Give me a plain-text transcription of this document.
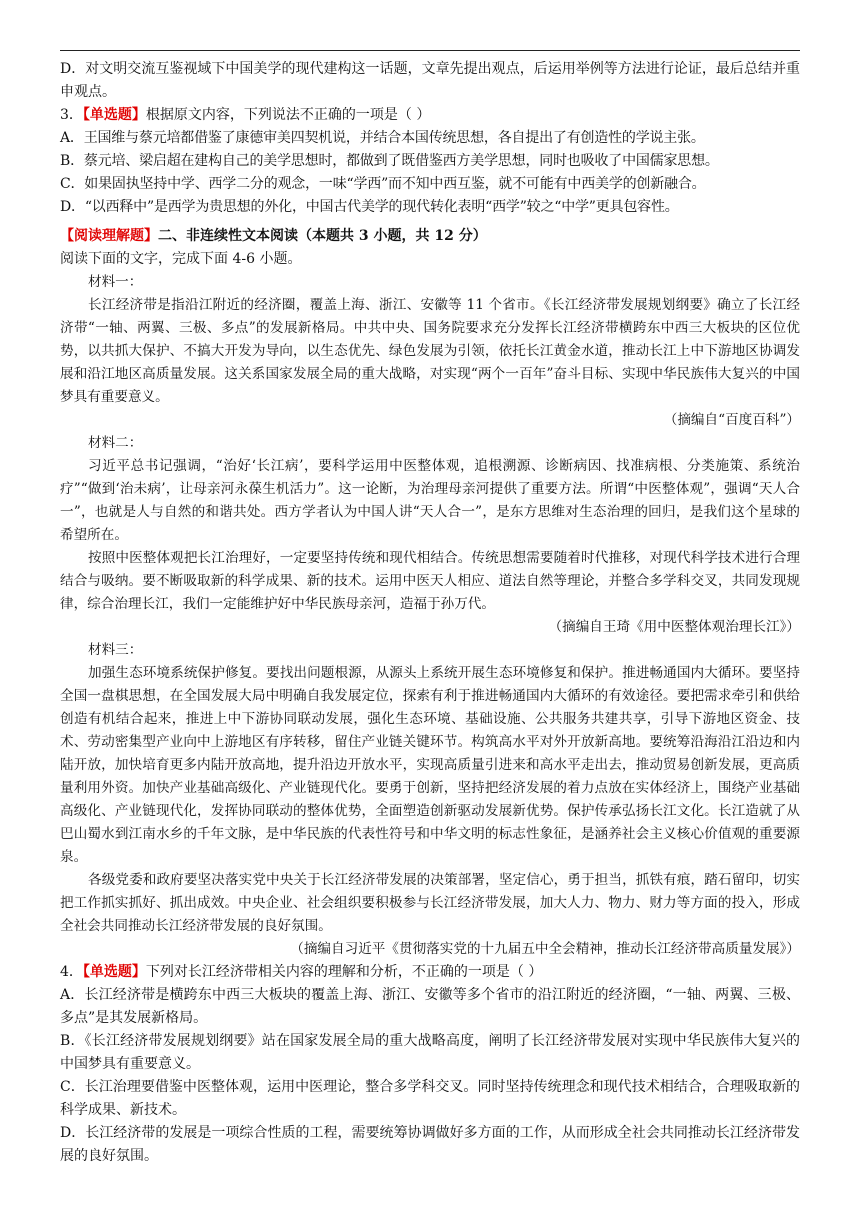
D．对文明交流互鉴视域下中国美学的现代建构这一话题，文章先提出观点，后运用举例等方法进行论证，最后总结并重申观点。

3．【单选题】根据原文内容，下列说法不正确的一项是（ ）

A．王国维与蔡元培都借鉴了康德审美四契机说，并结合本国传统思想，各自提出了有创造性的学说主张。

B．蔡元培、梁启超在建构自己的美学思想时，都做到了既借鉴西方美学思想，同时也吸收了中国儒家思想。

C．如果固执坚持中学、西学二分的观念，一味“学西”而不知中西互鉴，就不可能有中西美学的创新融合。

D．“以西释中”是西学为贵思想的外化，中国古代美学的现代转化表明“西学”较之“中学”更具包容性。

【阅读理解题】二、非连续性文本阅读（本题共 3 小题，共 12 分）

阅读下面的文字，完成下面 4-6 小题。

材料一：

长江经济带是指沿江附近的经济圈，覆盖上海、浙江、安徽等 11 个省市。《长江经济带发展规划纲要》确立了长江经济带“一轴、两翼、三极、多点”的发展新格局。中共中央、国务院要求充分发挥长江经济带横跨东中西三大板块的区位优势，以共抓大保护、不搞大开发为导向，以生态优先、绿色发展为引领，依托长江黄金水道，推动长江上中下游地区协调发展和沿江地区高质量发展。这关系国家发展全局的重大战略，对实现“两个一百年”奋斗目标、实现中华民族伟大复兴的中国梦具有重要意义。

（摘编自“百度百科”）

材料二：

习近平总书记强调，“治好‘长江病’，要科学运用中医整体观，追根溯源、诊断病因、找准病根、分类施策、系统治疗”“做到‘治未病’，让母亲河永葆生机活力”。这一论断，为治理母亲河提供了重要方法。所谓“中医整体观”，强调“天人合一”，也就是人与自然的和谐共处。西方学者认为中国人讲“天人合一”，是东方思维对生态治理的回归，是我们这个星球的希望所在。

按照中医整体观把长江治理好，一定要坚持传统和现代相结合。传统思想需要随着时代推移，对现代科学技术进行合理结合与吸纳。要不断吸取新的科学成果、新的技术。运用中医天人相应、道法自然等理论，并整合多学科交叉，共同发现规律，综合治理长江，我们一定能维护好中华民族母亲河，造福于孙万代。

（摘编自王琦《用中医整体观治理长江》）

材料三：

加强生态环境系统保护修复。要找出问题根源，从源头上系统开展生态环境修复和保护。推进畅通国内大循环。要坚持全国一盘棋思想，在全国发展大局中明确自我发展定位，探索有利于推进畅通国内大循环的有效途径。要把需求牵引和供给创造有机结合起来，推进上中下游协同联动发展，强化生态环境、基础设施、公共服务共建共享，引导下游地区资金、技术、劳动密集型产业向中上游地区有序转移，留住产业链关键环节。构筑高水平对外开放新高地。要统筹沿海沿江沿边和内陆开放，加快培育更多内陆开放高地，提升沿边开放水平，实现高质量引进来和高水平走出去，推动贸易创新发展，更高质量利用外资。加快产业基础高级化、产业链现代化。要勇于创新，坚持把经济发展的着力点放在实体经济上，围绕产业基础高级化、产业链现代化，发挥协同联动的整体优势，全面塑造创新驱动发展新优势。保护传承弘扬长江文化。长江造就了从巴山蜀水到江南水乡的千年文脉，是中华民族的代表性符号和中华文明的标志性象征，是涵养社会主义核心价值观的重要源泉。

各级党委和政府要坚决落实党中央关于长江经济带发展的决策部署，坚定信心，勇于担当，抓铁有痕，踏石留印，切实把工作抓实抓好、抓出成效。中央企业、社会组织要积极参与长江经济带发展，加大人力、物力、财力等方面的投入，形成全社会共同推动长江经济带发展的良好氛围。

（摘编自习近平《贯彻落实党的十九届五中全会精神，推动长江经济带高质量发展》）

4．【单选题】下列对长江经济带相关内容的理解和分析，不正确的一项是（ ）

A．长江经济带是横跨东中西三大板块的覆盖上海、浙江、安徽等多个省市的沿江附近的经济圈，“一轴、两翼、三极、多点”是其发展新格局。

B．《长江经济带发展规划纲要》站在国家发展全局的重大战略高度，阐明了长江经济带发展对实现中华民族伟大复兴的中国梦具有重要意义。

C．长江治理要借鉴中医整体观，运用中医理论，整合多学科交叉。同时坚持传统理念和现代技术相结合，合理吸取新的科学成果、新技术。

D．长江经济带的发展是一项综合性质的工程，需要统筹协调做好多方面的工作，从而形成全社会共同推动长江经济带发展的良好氛围。
